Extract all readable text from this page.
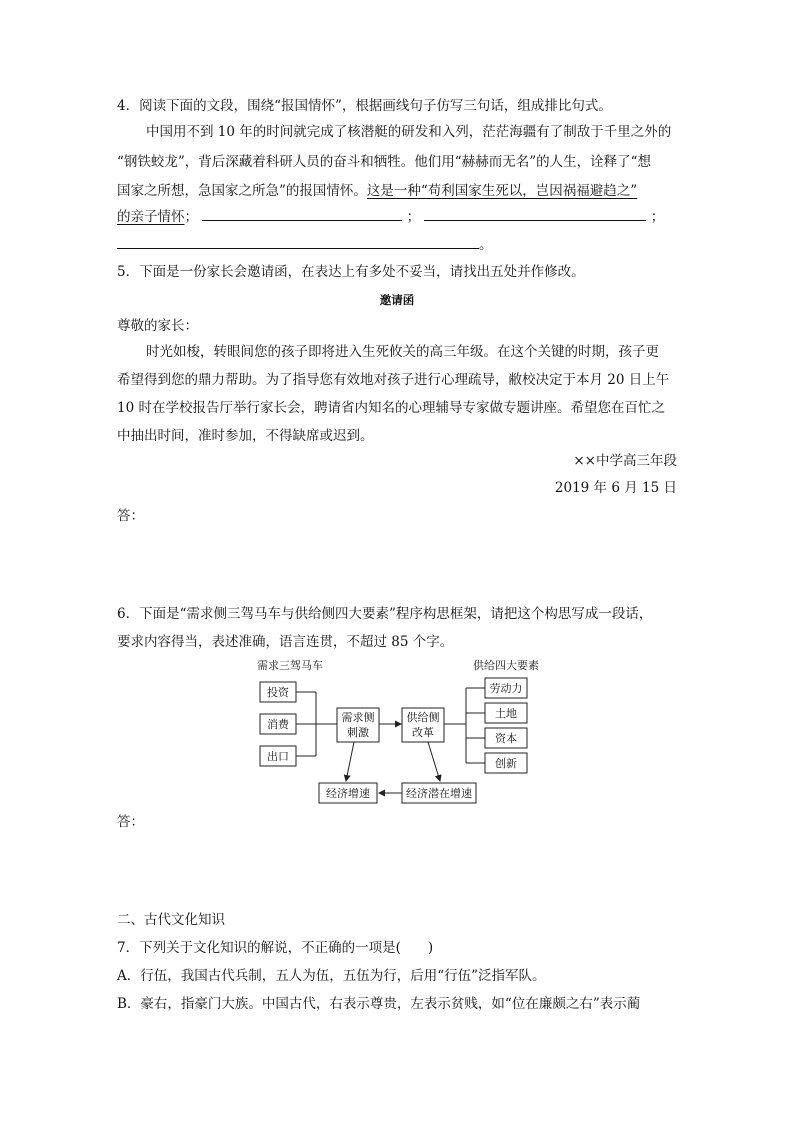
4．阅读下面的文段，围绕“报国情怀”，根据画线句子仿写三句话，组成排比句式。
中国用不到 10 年的时间就完成了核潜艇的研发和入列，茫茫海疆有了制敌于千里之外的
“钢铁蛟龙”，背后深藏着科研人员的奋斗和牺牲。他们用“赫赫而无名”的人生，诠释了“想
国家之所想，急国家之所急”的报国情怀。这是一种“苟利国家生死以，岂因祸福避趋之”
的亲子情怀；	；	；
。
5．下面是一份家长会邀请函，在表达上有多处不妥当，请找出五处并作修改。
邀请函
尊敬的家长：
时光如梭，转眼间您的孩子即将进入生死攸关的高三年级。在这个关键的时期，孩子更
希望得到您的鼎力帮助。为了指导您有效地对孩子进行心理疏导，敝校决定于本月 20 日上午
10 时在学校报告厅举行家长会，聘请省内知名的心理辅导专家做专题讲座。希望您在百忙之
中抽出时间，准时参加，不得缺席或迟到。
××中学高三年段
2019 年 6 月 15 日
答：
6．下面是“需求侧三驾马车与供给侧四大要素”程序构思框架，请把这个构思写成一段话，
要求内容得当，表述准确，语言连贯，不超过 85 个字。
需求三驾马车	供给四大要素
投资
消费
出口
需求侧
刺激
供给侧
改革
劳动力
土地
资本
创新
经济增速	经济潜在增速
答：
二、古代文化知识
7．下列关于文化知识的解说，不正确的一项是(　　)
A．行伍，我国古代兵制，五人为伍，五伍为行，后用“行伍”泛指军队。
B．豪右，指豪门大族。中国古代，右表示尊贵，左表示贫贱，如“位在廉颇之右”表示蔺
